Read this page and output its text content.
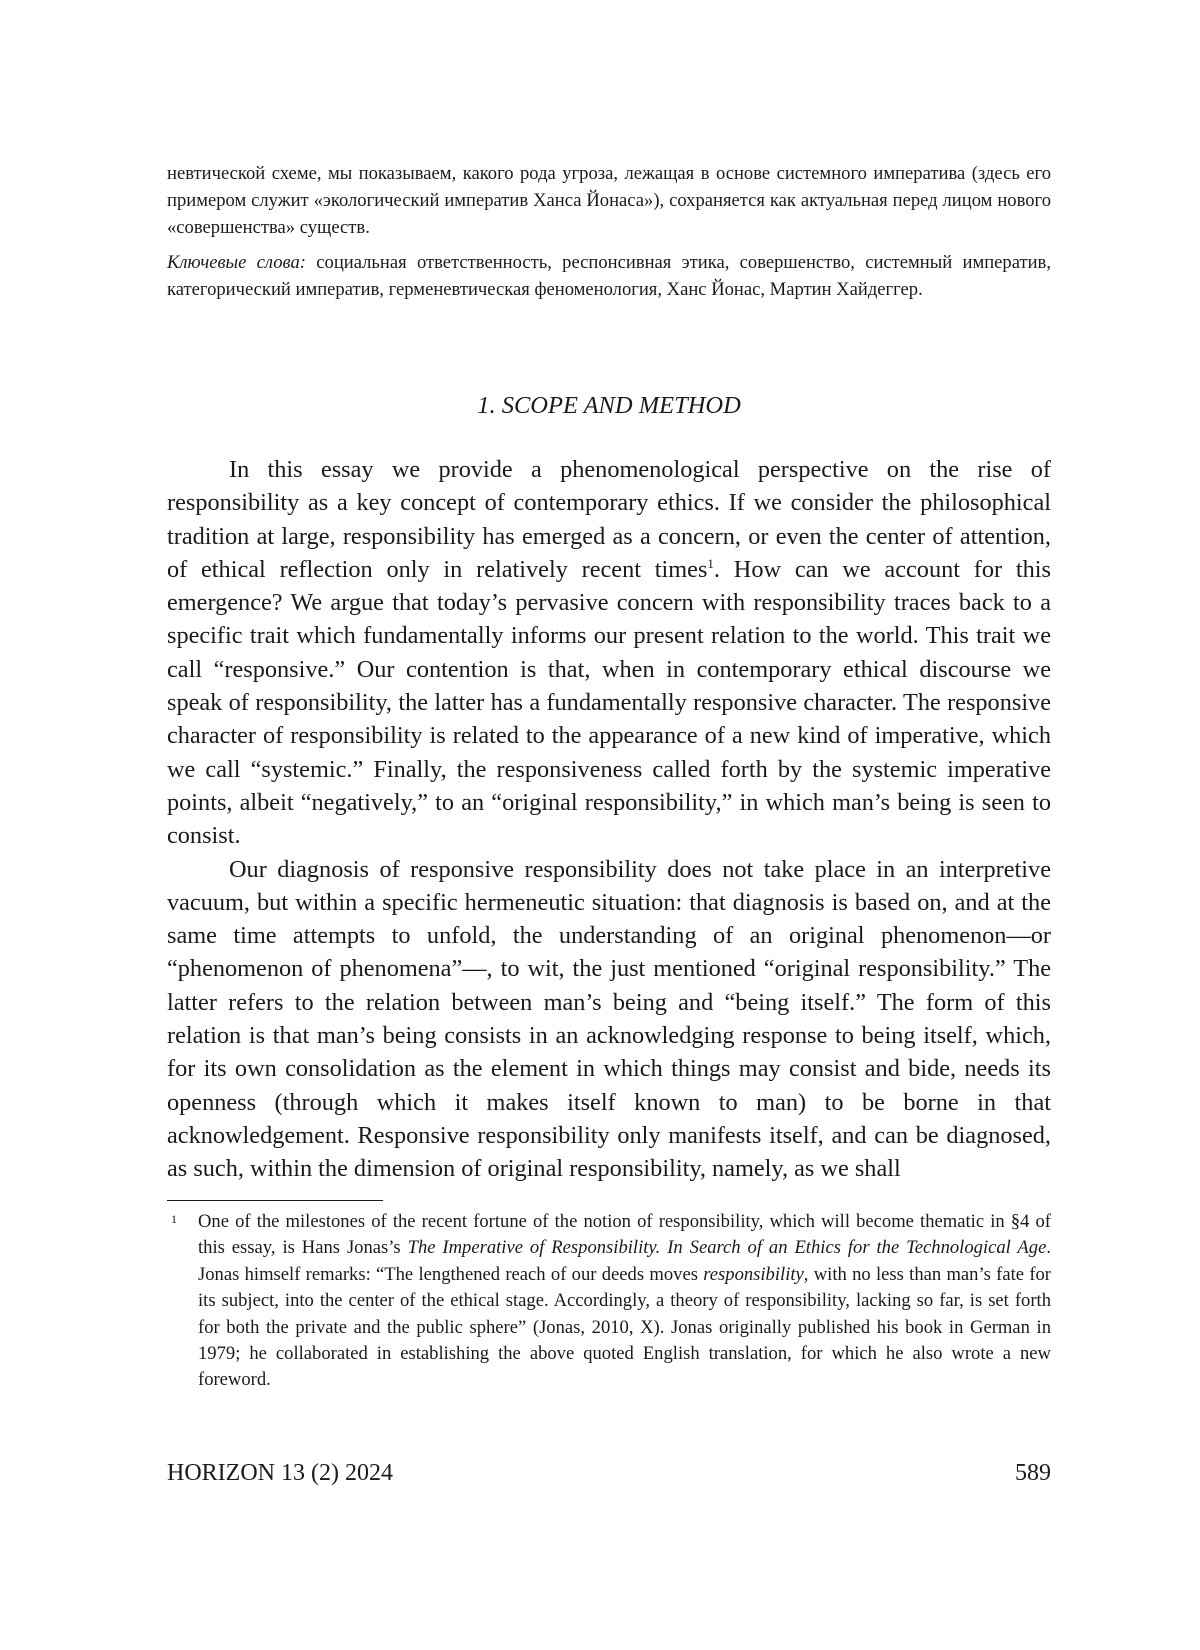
невтической схеме, мы показываем, какого рода угроза, лежащая в основе системного императива (здесь его примером служит «экологический императив Ханса Йонаса»), сохраняется как актуальная перед лицом нового «совершенства» существ.

Ключевые слова: социальная ответственность, респонсивная этика, совершенство, системный императив, категорический императив, герменевтическая феноменология, Ханс Йонас, Мартин Хайдеггер.

1. SCOPE AND METHOD

In this essay we provide a phenomenological perspective on the rise of responsibility as a key concept of contemporary ethics. If we consider the philosophical tradition at large, responsibility has emerged as a concern, or even the center of attention, of ethical reflection only in relatively recent times$^1$. How can we account for this emergence? We argue that today’s pervasive concern with responsibility traces back to a specific trait which fundamentally informs our present relation to the world. This trait we call “responsive.” Our contention is that, when in contemporary ethical discourse we speak of responsibility, the latter has a fundamentally responsive character. The responsive character of responsibility is related to the appearance of a new kind of imperative, which we call “systemic.” Finally, the responsiveness called forth by the systemic imperative points, albeit “negatively,” to an “original responsibility,” in which man’s being is seen to consist.

Our diagnosis of responsive responsibility does not take place in an interpretive vacuum, but within a specific hermeneutic situation: that diagnosis is based on, and at the same time attempts to unfold, the understanding of an original phenomenon—or “phenomenon of phenomena”—, to wit, the just mentioned “original responsibility.” The latter refers to the relation between man’s being and “being itself.” The form of this relation is that man’s being consists in an acknowledging response to being itself, which, for its own consolidation as the element in which things may consist and bide, needs its openness (through which it makes itself known to man) to be borne in that acknowledgement. Responsive responsibility only manifests itself, and can be diagnosed, as such, within the dimension of original responsibility, namely, as we shall

1 One of the milestones of the recent fortune of the notion of responsibility, which will become thematic in §4 of this essay, is Hans Jonas’s The Imperative of Responsibility. In Search of an Ethics for the Technological Age. Jonas himself remarks: “The lengthened reach of our deeds moves responsibility, with no less than man’s fate for its subject, into the center of the ethical stage. Accordingly, a theory of responsibility, lacking so far, is set forth for both the private and the public sphere” (Jonas, 2010, X). Jonas originally published his book in German in 1979; he collaborated in establishing the above quoted English translation, for which he also wrote a new foreword.
HORIZON 13 (2) 2024	589
